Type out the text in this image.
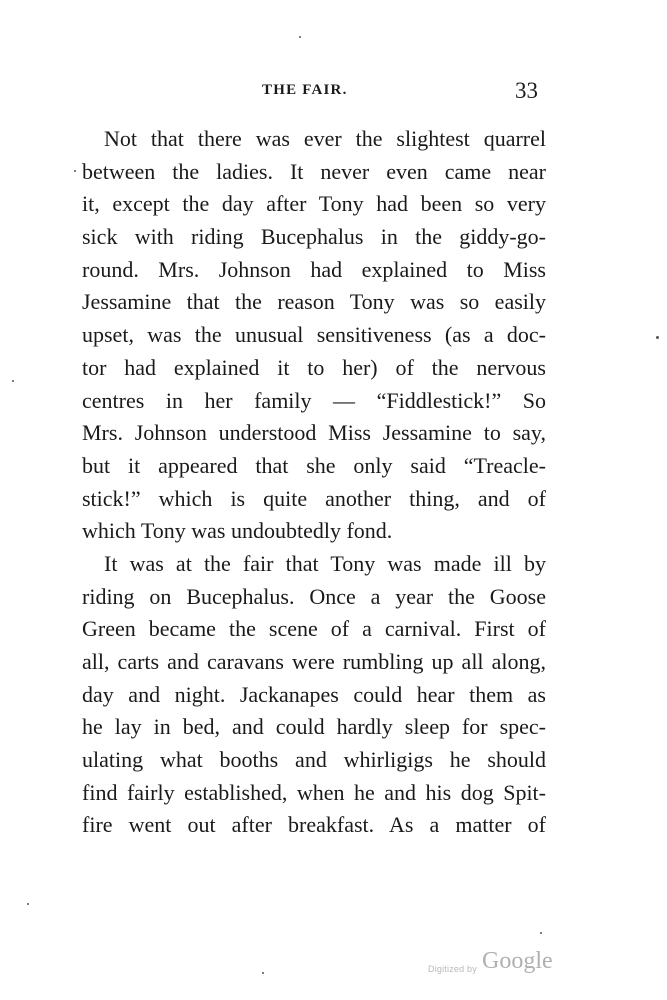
THE FAIR.	33
Not that there was ever the slightest quarrel
between the ladies. It never even came near
it, except the day after Tony had been so very
sick with riding Bucephalus in the giddy-go-
round. Mrs. Johnson had explained to Miss
Jessamine that the reason Tony was so easily
upset, was the unusual sensitiveness (as a doc-
tor had explained it to her) of the nervous
centres in her family — “Fiddlestick!” So
Mrs. Johnson understood Miss Jessamine to say,
but it appeared that she only said “Treacle-
stick!” which is quite another thing, and of
which Tony was undoubtedly fond.
It was at the fair that Tony was made ill by
riding on Bucephalus. Once a year the Goose
Green became the scene of a carnival. First of
all, carts and caravans were rumbling up all along,
day and night. Jackanapes could hear them as
he lay in bed, and could hardly sleep for spec-
ulating what booths and whirligigs he should
find fairly established, when he and his dog Spit-
fire went out after breakfast. As a matter of
Digitized by Google
